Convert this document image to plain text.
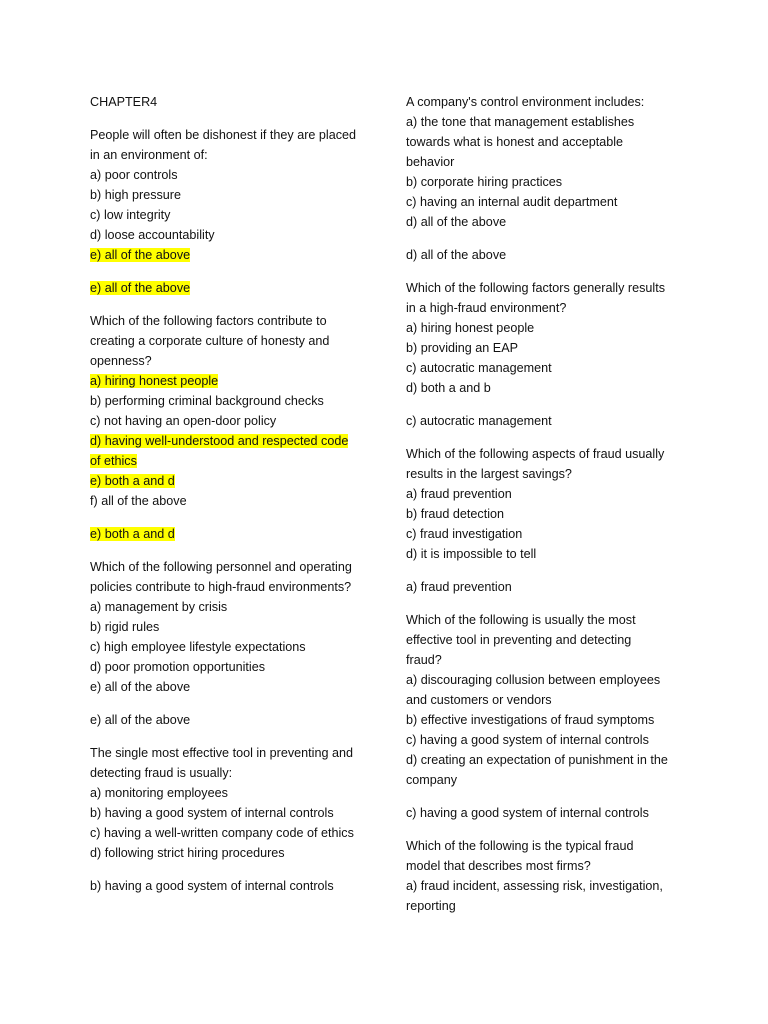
CHAPTER4
People will often be dishonest if they are placed
in an environment of:
a) poor controls
b) high pressure
c) low integrity
d) loose accountability
e) all of the above
e) all of the above
Which of the following factors contribute to
creating a corporate culture of honesty and
openness?
a) hiring honest people
b) performing criminal background checks
c) not having an open-door policy
d) having well-understood and respected code
of ethics
e) both a and d
f) all of the above
e) both a and d
Which of the following personnel and operating
policies contribute to high-fraud environments?
a) management by crisis
b) rigid rules
c) high employee lifestyle expectations
d) poor promotion opportunities
e) all of the above
e) all of the above
The single most effective tool in preventing and
detecting fraud is usually:
a) monitoring employees
b) having a good system of internal controls
c) having a well-written company code of ethics
d) following strict hiring procedures
b) having a good system of internal controls
A company's control environment includes:
a) the tone that management establishes
towards what is honest and acceptable
behavior
b) corporate hiring practices
c) having an internal audit department
d) all of the above
d) all of the above
Which of the following factors generally results
in a high-fraud environment?
a) hiring honest people
b) providing an EAP
c) autocratic management
d) both a and b
c) autocratic management
Which of the following aspects of fraud usually
results in the largest savings?
a) fraud prevention
b) fraud detection
c) fraud investigation
d) it is impossible to tell
a) fraud prevention
Which of the following is usually the most
effective tool in preventing and detecting
fraud?
a) discouraging collusion between employees
and customers or vendors
b) effective investigations of fraud symptoms
c) having a good system of internal controls
d) creating an expectation of punishment in the
company
c) having a good system of internal controls
Which of the following is the typical fraud
model that describes most firms?
a) fraud incident, assessing risk, investigation,
reporting
